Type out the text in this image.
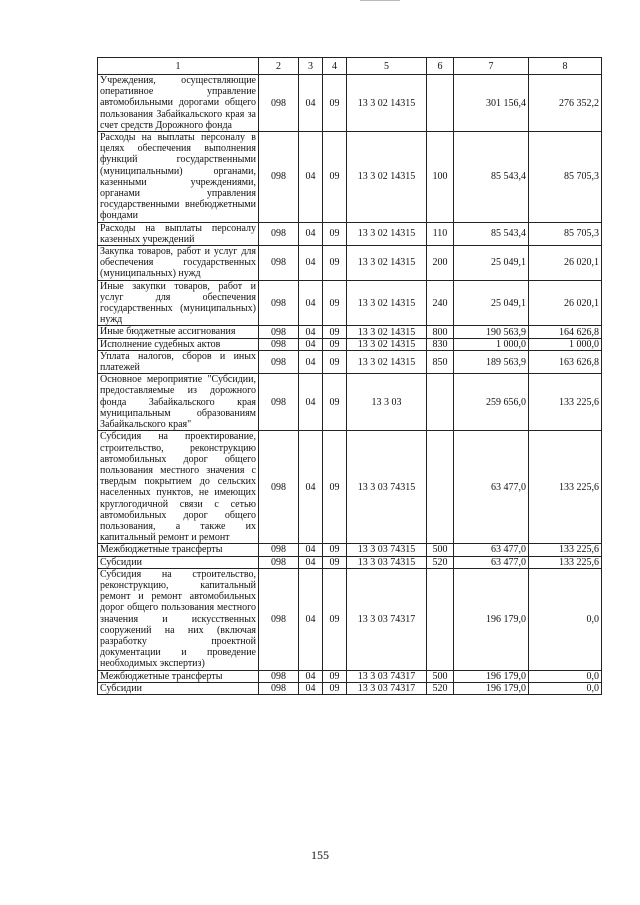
1	2	3	4	5	6	7	8
Учреждения, осуществляющие оперативное управление автомобильными дорогами общего пользования Забайкальского края за счет средств Дорожного фонда	098	04	09	13 3 02 14315		301 156,4	276 352,2
Расходы на выплаты персоналу в целях обеспечения выполнения функций государственными (муниципальными) органами, казенными учреждениями, органами управления государственными внебюджетными фондами	098	04	09	13 3 02 14315	100	85 543,4	85 705,3
Расходы на выплаты персоналу казенных учреждений	098	04	09	13 3 02 14315	110	85 543,4	85 705,3
Закупка товаров, работ и услуг для обеспечения государственных (муниципальных) нужд	098	04	09	13 3 02 14315	200	25 049,1	26 020,1
Иные закупки товаров, работ и услуг для обеспечения государственных (муниципальных) нужд	098	04	09	13 3 02 14315	240	25 049,1	26 020,1
Иные бюджетные ассигнования	098	04	09	13 3 02 14315	800	190 563,9	164 626,8
Исполнение судебных актов	098	04	09	13 3 02 14315	830	1 000,0	1 000,0
Уплата налогов, сборов и иных платежей	098	04	09	13 3 02 14315	850	189 563,9	163 626,8
Основное мероприятие "Субсидии, предоставляемые из дорожного фонда Забайкальского края муниципальным образованиям Забайкальского края"	098	04	09	13 3 03		259 656,0	133 225,6
Субсидия на проектирование, строительство, реконструкцию автомобильных дорог общего пользования местного значения с твердым покрытием до сельских населенных пунктов, не имеющих круглогодичной связи с сетью автомобильных дорог общего пользования, а также их капитальный ремонт и ремонт	098	04	09	13 3 03 74315		63 477,0	133 225,6
Межбюджетные трансферты	098	04	09	13 3 03 74315	500	63 477,0	133 225,6
Субсидии	098	04	09	13 3 03 74315	520	63 477,0	133 225,6
Субсидия на строительство, реконструкцию, капитальный ремонт и ремонт автомобильных дорог общего пользования местного значения и искусственных сооружений на них (включая разработку проектной документации и проведение необходимых экспертиз)	098	04	09	13 3 03 74317		196 179,0	0,0
Межбюджетные трансферты	098	04	09	13 3 03 74317	500	196 179,0	0,0
Субсидии	098	04	09	13 3 03 74317	520	196 179,0	0,0
155
